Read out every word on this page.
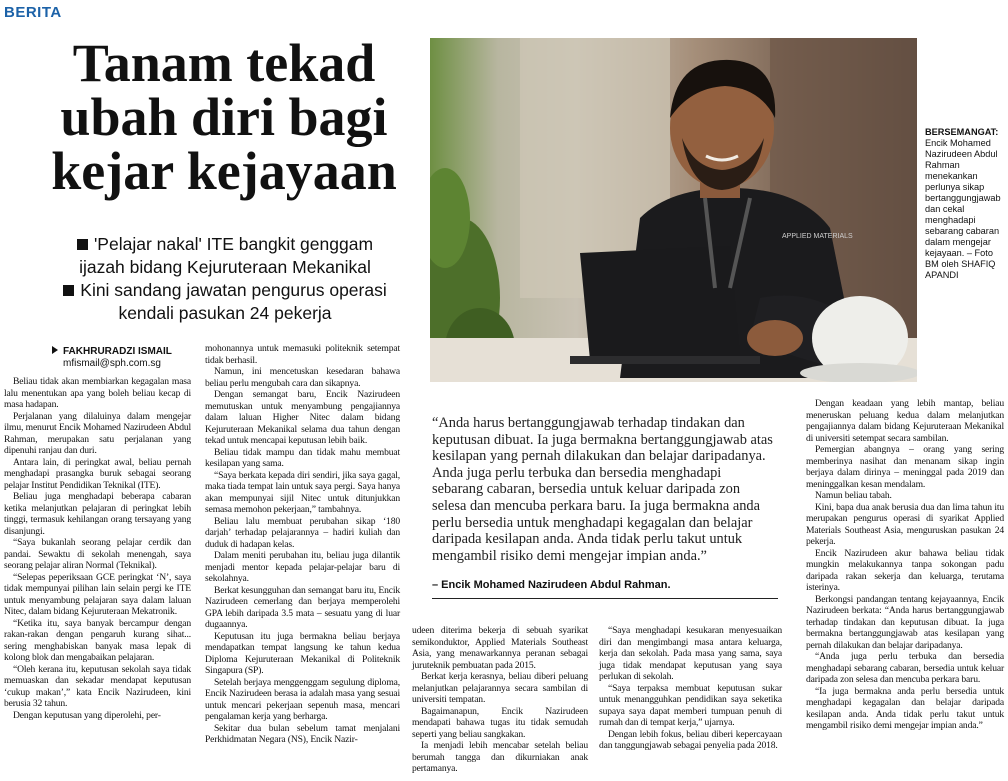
BERITA
Tanam tekad
ubah diri bagi
kejar kejayaan
'Pelajar nakal' ITE bangkit genggam
ijazah bidang Kejuruteraan Mekanikal
Kini sandang jawatan pengurus operasi
kendali pasukan 24 pekerja
FAKHRURADZI ISMAIL
mfismail@sph.com.sg

Beliau tidak akan membiarkan kegagalan masa lalu menentukan apa yang boleh beliau kecap di masa hadapan.

Perjalanan yang dilaluinya dalam mengejar ilmu, menurut Encik Mohamed Nazirudeen Abdul Rahman, merupakan satu perjalanan yang dipenuhi ranjau dan duri.

Antara lain, di peringkat awal, beliau pernah menghadapi prasangka buruk sebagai seorang pelajar Institut Pendidikan Teknikal (ITE).

Beliau juga menghadapi beberapa cabaran ketika melanjutkan pelajaran di peringkat lebih tinggi, termasuk kehilangan orang tersayang yang disanjungi.

“Saya bukanlah seorang pelajar cerdik dan pandai. Sewaktu di sekolah menengah, saya seorang pelajar aliran Normal (Teknikal).

“Selepas peperiksaan GCE peringkat ‘N’, saya tidak mempunyai pilihan lain selain pergi ke ITE untuk menyambung pelajaran saya dalam laluan Nitec, dalam bidang Kejuruteraan Mekatronik.

“Ketika itu, saya banyak bercampur dengan rakan-rakan dengan pengaruh kurang sihat... sering menghabiskan banyak masa lepak di kolong blok dan mengabaikan pelajaran.

“Oleh kerana itu, keputusan sekolah saya tidak memuaskan dan sekadar mendapat keputusan ‘cukup makan’,” kata Encik Nazirudeen, kini berusia 32 tahun.

Dengan keputusan yang diperolehi, per-

mohonannya untuk memasuki politeknik setempat tidak berhasil.

Namun, ini mencetuskan kesedaran bahawa beliau perlu mengubah cara dan sikapnya.

Dengan semangat baru, Encik Nazirudeen memutuskan untuk menyambung pengajiannya dalam laluan Higher Nitec dalam bidang Kejuruteraan Mekanikal selama dua tahun dengan tekad untuk mencapai keputusan lebih baik.

Beliau tidak mampu dan tidak mahu membuat kesilapan yang sama.

“Saya berkata kepada diri sendiri, jika saya gagal, maka tiada tempat lain untuk saya pergi. Saya hanya akan mempunyai sijil Nitec untuk ditunjukkan semasa memohon pekerjaan,” tambahnya.

Beliau lalu membuat perubahan sikap ‘180 darjah’ terhadap pelajarannya – hadiri kuliah dan duduk di hadapan kelas.

Dalam meniti perubahan itu, beliau juga dilantik menjadi mentor kepada pelajar-pelajar baru di sekolahnya.

Berkat kesungguhan dan semangat baru itu, Encik Nazirudeen cemerlang dan berjaya memperolehi GPA lebih daripada 3.5 mata – sesuatu yang di luar dugaannya.

Keputusan itu juga bermakna beliau berjaya mendapatkan tempat langsung ke tahun kedua Diploma Kejuruteraan Mekanikal di Politeknik Singapura (SP).

Setelah berjaya menggenggam segulung diploma, Encik Nazirudeen berasa ia adalah masa yang sesuai untuk mencari pekerjaan sepenuh masa, mencari pengalaman kerja yang berharga.

Sekitar dua bulan sebelum tamat menjalani Perkhidmatan Negara (NS), Encik Nazir-

udeen diterima bekerja di sebuah syarikat semikonduktor, Applied Materials Southeast Asia, yang menawarkannya peranan sebagai juruteknik pembuatan pada 2015.

Berkat kerja kerasnya, beliau diberi peluang melanjutkan pelajarannya secara sambilan di universiti tempatan.

Bagaimanapun, Encik Nazirudeen mendapati bahawa tugas itu tidak semudah seperti yang beliau sangkakan.

Ia menjadi lebih mencabar setelah beliau berumah tangga dan dikurniakan anak pertamanya.

“Saya menghadapi kesukaran menyesuaikan diri dan mengimbangi masa antara keluarga, kerja dan sekolah. Pada masa yang sama, saya juga tidak mendapat keputusan yang saya perlukan di sekolah.

“Saya terpaksa membuat keputusan sukar untuk menangguhkan pendidikan saya seketika supaya saya dapat memberi tumpuan penuh di rumah dan di tempat kerja,” ujarnya.

Dengan lebih fokus, beliau diberi kepercayaan dan tanggungjawab sebagai penyelia pada 2018.

Dengan keadaan yang lebih mantap, beliau meneruskan peluang kedua dalam melanjutkan pengajiannya dalam bidang Kejuruteraan Mekanikal di universiti setempat secara sambilan.

Pemergian abangnya – orang yang sering memberinya nasihat dan menanam sikap ingin berjaya dalam dirinya – meninggal pada 2019 dan meninggalkan kesan mendalam.

Namun beliau tabah.

Kini, bapa dua anak berusia dua dan lima tahun itu merupakan pengurus operasi di syarikat Applied Materials Southeast Asia, menguruskan pasukan 24 pekerja.

Encik Nazirudeen akur bahawa beliau tidak mungkin melakukannya tanpa sokongan padu daripada rakan sekerja dan keluarga, terutama isterinya.

Berkongsi pandangan tentang kejayaannya, Encik Nazirudeen berkata: “Anda harus bertanggungjawab terhadap tindakan dan keputusan dibuat. Ia juga bermakna bertanggungjawab atas kesilapan yang pernah dilakukan dan belajar daripadanya.

“Anda juga perlu terbuka dan bersedia menghadapi sebarang cabaran, bersedia untuk keluar daripada zon selesa dan mencuba perkara baru.

“Ia juga bermakna anda perlu bersedia untuk menghadapi kegagalan dan belajar daripada kesilapan anda. Anda tidak perlu takut untuk mengambil risiko demi mengejar impian anda.”

APPLIED MATERIALS
BERSEMANGAT: Encik Mohamed Nazirudeen Abdul Rahman menekankan perlunya sikap bertanggungjawab dan cekal menghadapi sebarang cabaran dalam mengejar kejayaan. – Foto BM oleh SHAFIQ APANDI
“Anda harus bertanggungjawab terhadap tindakan dan keputusan dibuat. Ia juga bermakna bertanggungjawab atas kesilapan yang pernah dilakukan dan belajar daripadanya. Anda juga perlu terbuka dan bersedia menghadapi sebarang cabaran, bersedia untuk keluar daripada zon selesa dan mencuba perkara baru. Ia juga bermakna anda perlu bersedia untuk menghadapi kegagalan dan belajar daripada kesilapan anda. Anda tidak perlu takut untuk mengambil risiko demi mengejar impian anda.”
– Encik Mohamed Nazirudeen Abdul Rahman.
